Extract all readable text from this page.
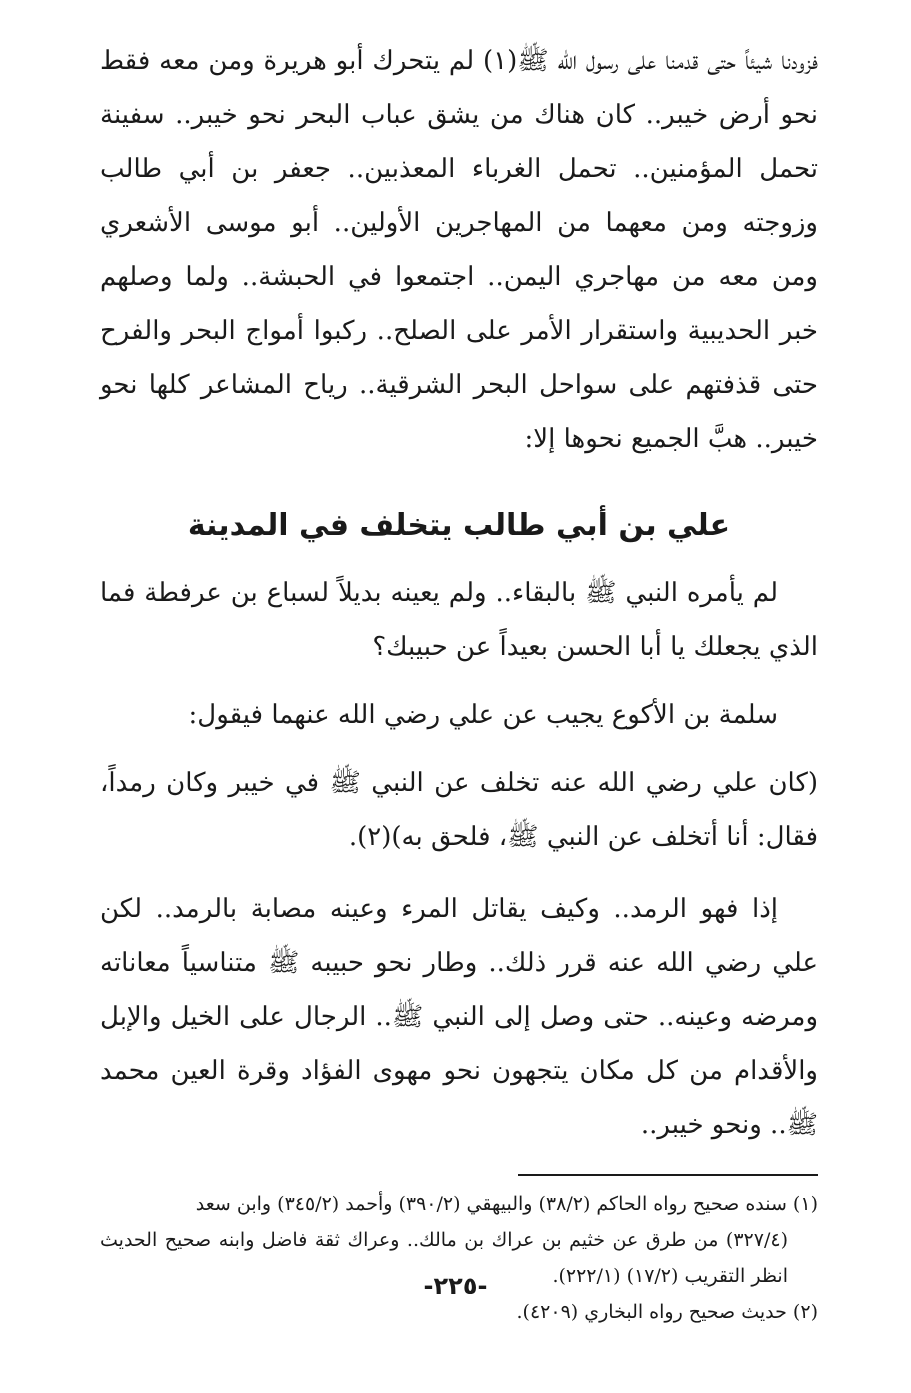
فزودنا شيئاً حتى قدمنا على رسول الله ﷺ(١) لم يتحرك أبو هريرة ومن معه فقط نحو أرض خيبر.. كان هناك من يشق عباب البحر نحو خيبر.. سفينة تحمل المؤمنين.. تحمل الغرباء المعذبين.. جعفر بن أبي طالب وزوجته ومن معهما من المهاجرين الأولين.. أبو موسى الأشعري ومن معه من مهاجري اليمن.. اجتمعوا في الحبشة.. ولما وصلهم خبر الحديبية واستقرار الأمر على الصلح.. ركبوا أمواج البحر والفرح حتى قذفتهم على سواحل البحر الشرقية.. رياح المشاعر كلها نحو خيبر.. هبَّ الجميع نحوها إلا:

علي بن أبي طالب يتخلف في المدينة

لم يأمره النبي ﷺ بالبقاء.. ولم يعينه بديلاً لسباع بن عرفطة فما الذي يجعلك يا أبا الحسن بعيداً عن حبيبك؟

سلمة بن الأكوع يجيب عن علي رضي الله عنهما فيقول:

(كان علي رضي الله عنه تخلف عن النبي ﷺ في خيبر وكان رمداً، فقال: أنا أتخلف عن النبي ﷺ، فلحق به)(٢).

إذا فهو الرمد.. وكيف يقاتل المرء وعينه مصابة بالرمد.. لكن علي رضي الله عنه قرر ذلك.. وطار نحو حبيبه ﷺ متناسياً معاناته ومرضه وعينه.. حتى وصل إلى النبي ﷺ.. الرجال على الخيل والإبل والأقدام من كل مكان يتجهون نحو مهوى الفؤاد وقرة العين محمد ﷺ.. ونحو خيبر..

(١) سنده صحيح رواه الحاكم (٣٨/٢) والبيهقي (٣٩٠/٢) وأحمد (٣٤٥/٢) وابن سعد
(٣٢٧/٤) من طرق عن خثيم بن عراك بن مالك.. وعراك ثقة فاضل وابنه صحيح الحديث انظر التقريب (١٧/٢) (٢٢٢/١).

(٢) حديث صحيح رواه البخاري (٤٢٠٩).

-٢٢٥-
